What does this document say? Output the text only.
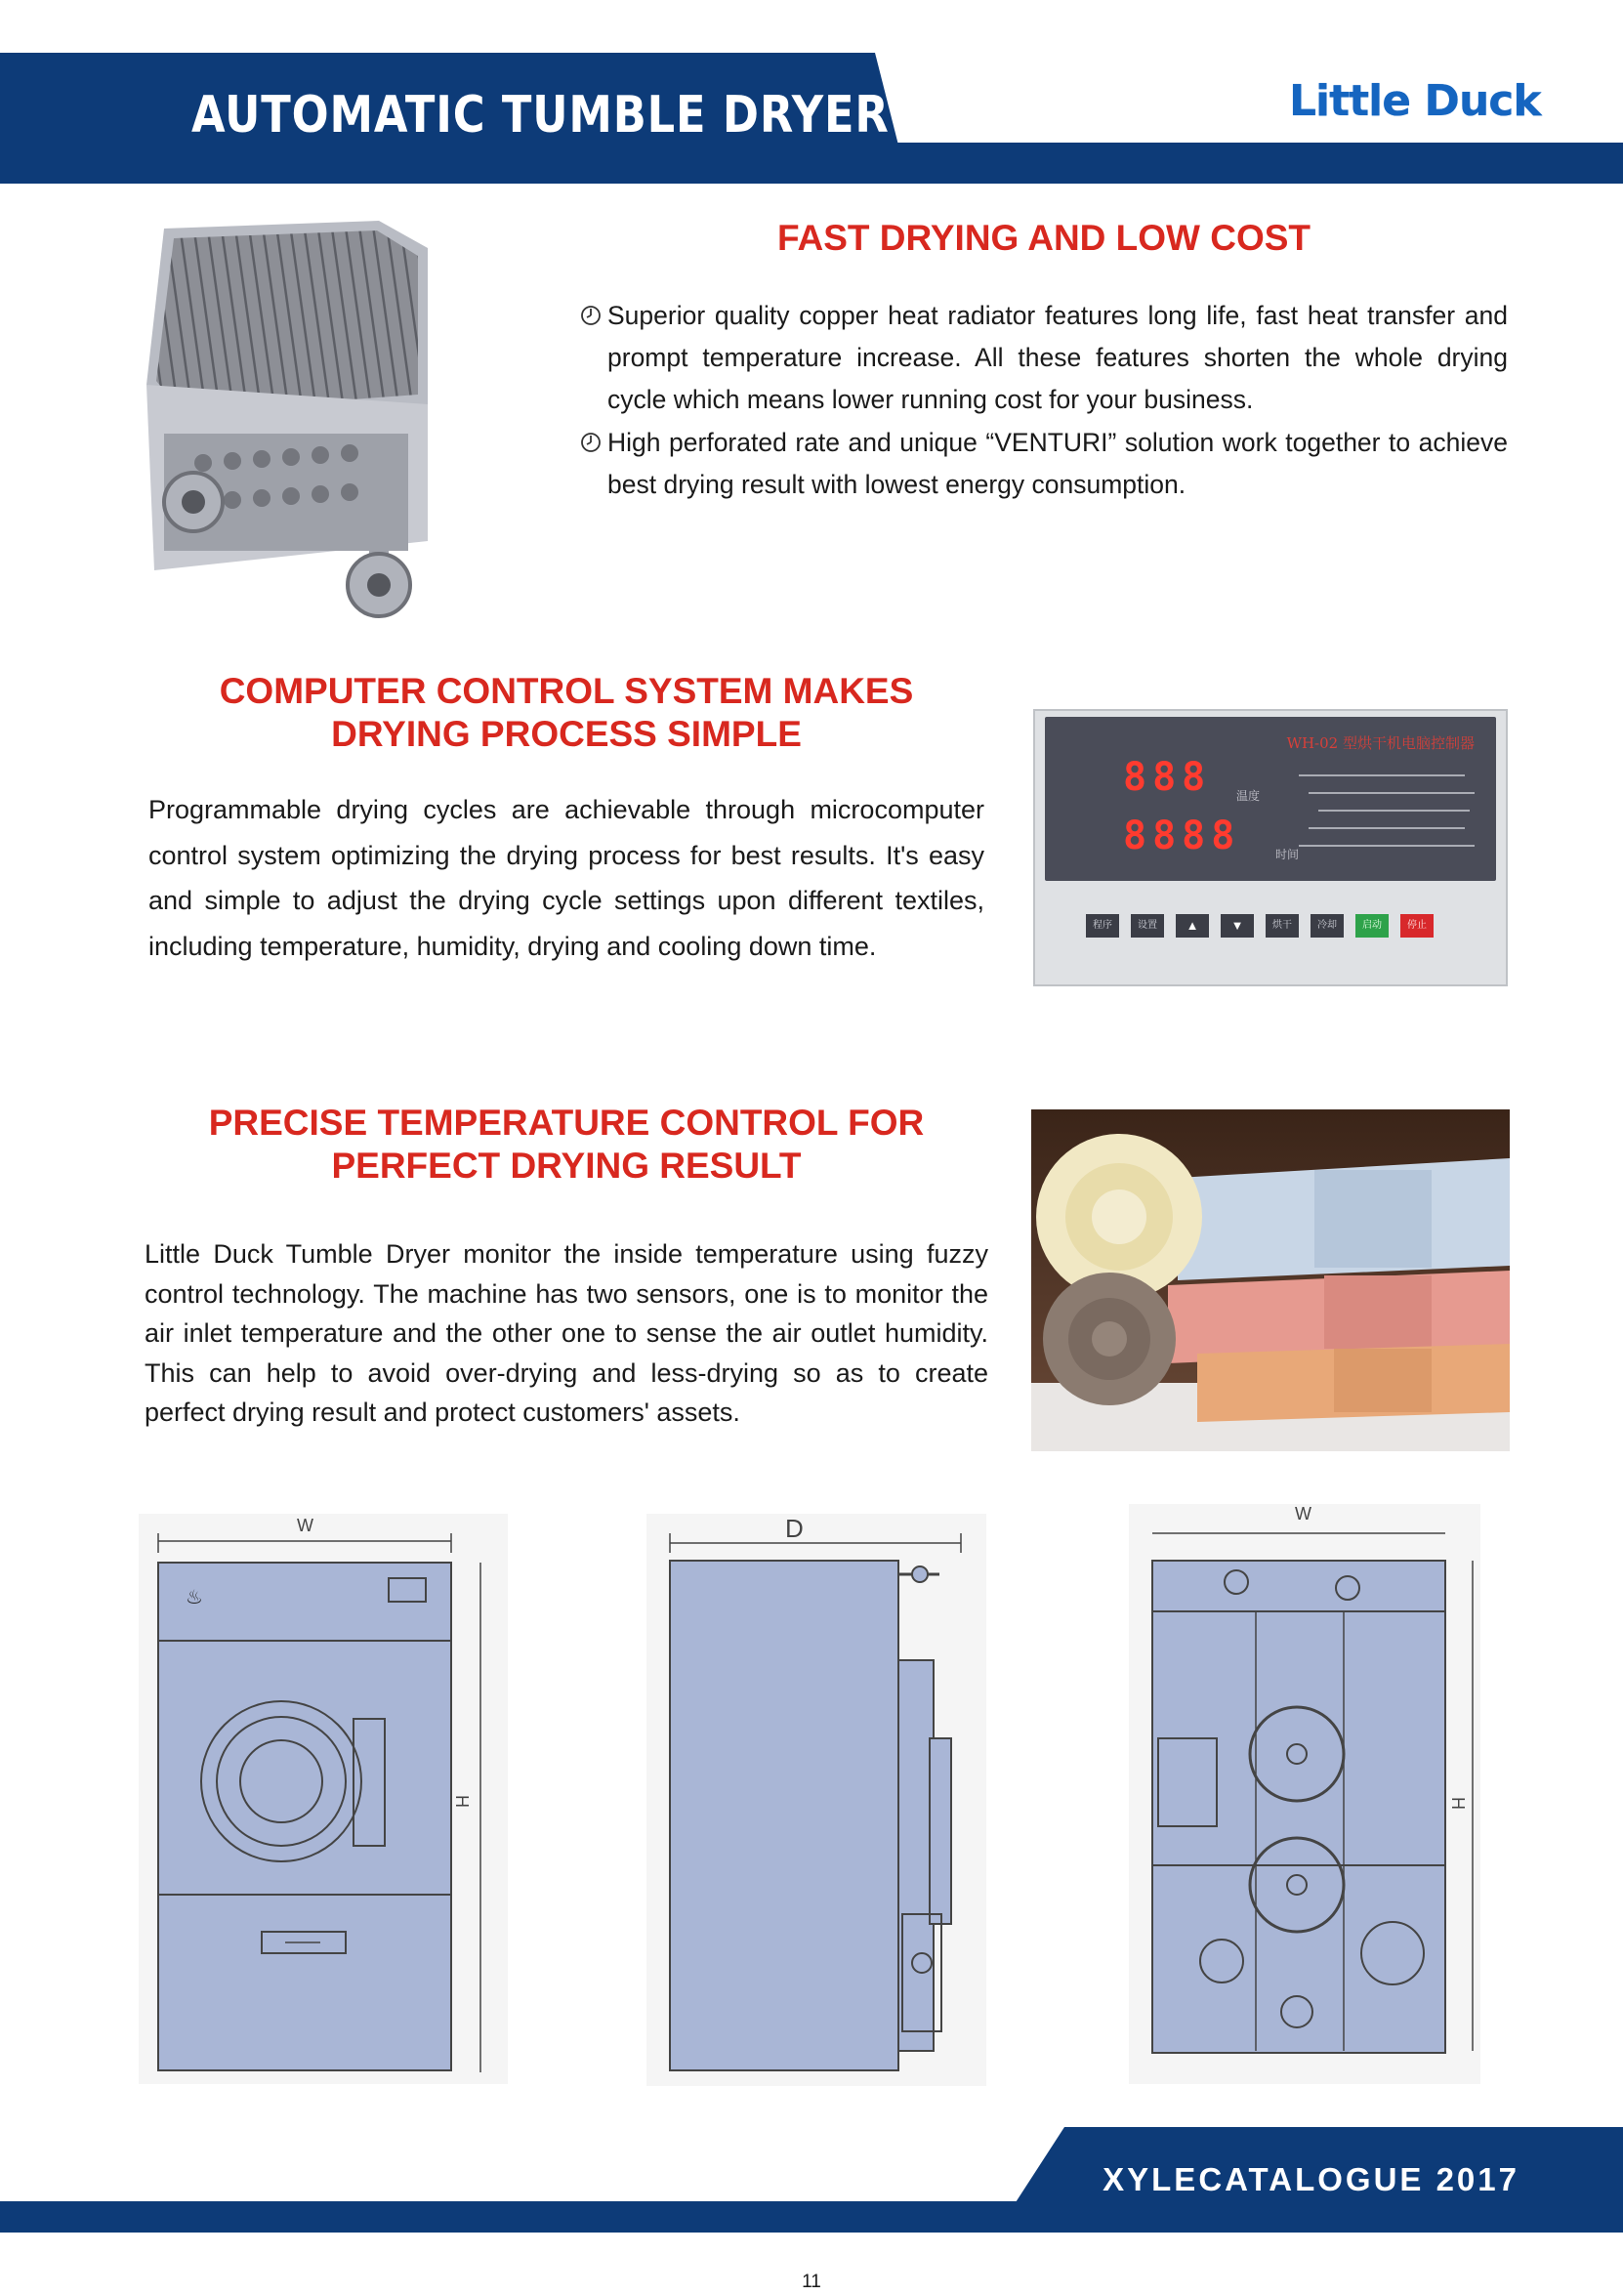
AUTOMATIC TUMBLE DRYER	Little Duck
FAST DRYING AND LOW COST
Superior quality copper heat radiator features long life, fast heat transfer and prompt temperature increase. All these features shorten the whole drying cycle which means lower running cost for your business.
High perforated rate and unique “VENTURI” solution work together to achieve best drying result with lowest energy consumption.
COMPUTER CONTROL SYSTEM MAKES
DRYING PROCESS SIMPLE

Programmable drying cycles are achievable through microcomputer control system optimizing the drying process for best results. It's easy and simple to adjust the drying cycle settings upon different textiles, including temperature, humidity, drying and cooling down time.

WH-02 型烘干机电脑控制器
888
8888
温度
时间
程序	设置	▲	▼	烘干	冷却	启动	停止
PRECISE TEMPERATURE CONTROL FOR
PERFECT DRYING RESULT

Little Duck Tumble Dryer monitor the inside temperature using fuzzy control technology. The machine has two sensors, one is to monitor the air inlet temperature and the other one to sense the air outlet humidity. This can help to avoid over-drying and less-drying so as to create perfect drying result and protect customers' assets.

♨
W
H
D	W
H
XYLECATALOGUE 2017
11
